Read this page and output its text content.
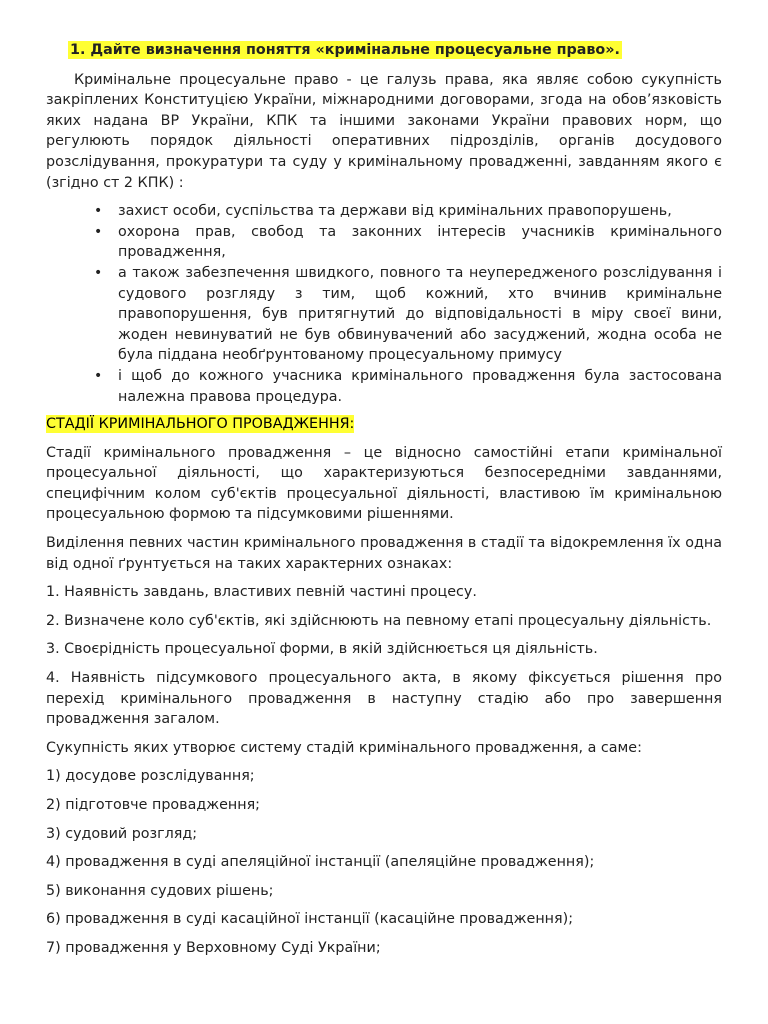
1. Дайте визначення поняття «кримінальне процесуальне право».

Кримінальне процесуальне право - це галузь права, яка являє собою сукупність закріплених Конституцією України, міжнародними договорами, згода на обов’язковість яких надана ВР України, КПК та іншими законами України правових норм, що регулюють порядок діяльності оперативних підрозділів, органів досудового розслідування, прокуратури та суду у кримінальному провадженні, завданням якого є (згідно ст 2 КПК) :

• захист особи, суспільства та держави від кримінальних правопорушень,
• охорона прав, свобод та законних інтересів учасників кримінального провадження,
• а також забезпечення швидкого, повного та неупередженого розслідування і судового розгляду з тим, щоб кожний, хто вчинив кримінальне правопорушення, був притягнутий до відповідальності в міру своєї вини, жоден невинуватий не був обвинувачений або засуджений, жодна особа не була піддана необґрунтованому процесуальному примусу
• і щоб до кожного учасника кримінального провадження була застосована належна правова процедура.

СТАДІЇ КРИМІНАЛЬНОГО ПРОВАДЖЕННЯ:

Стадії кримінального провадження – це відносно самостійні етапи кримінальної процесуальної діяльності, що характеризуються безпосередніми завданнями, специфічним колом суб'єктів процесуальної діяльності, властивою їм кримінальною процесуальною формою та підсумковими рішеннями.

Виділення певних частин кримінального провадження в стадії та відокремлення їх одна від одної ґрунтується на таких характерних ознаках:

1. Наявність завдань, властивих певній частині процесу.

2. Визначене коло суб'єктів, які здійснюють на певному етапі процесуальну діяльність.

3. Своєрідність процесуальної форми, в якій здійснюється ця діяльність.

4. Наявність підсумкового процесуального акта, в якому фіксується рішення про перехід кримінального провадження в наступну стадію або про завершення провадження загалом.

Сукупність яких утворює систему стадій кримінального провадження, а саме:

1) досудове розслідування;

2) підготовче провадження;

3) судовий розгляд;

4) провадження в суді апеляційної інстанції (апеляційне провадження);

5) виконання судових рішень;

6) провадження в суді касаційної інстанції (касаційне провадження);

7) провадження у Верховному Суді України;
